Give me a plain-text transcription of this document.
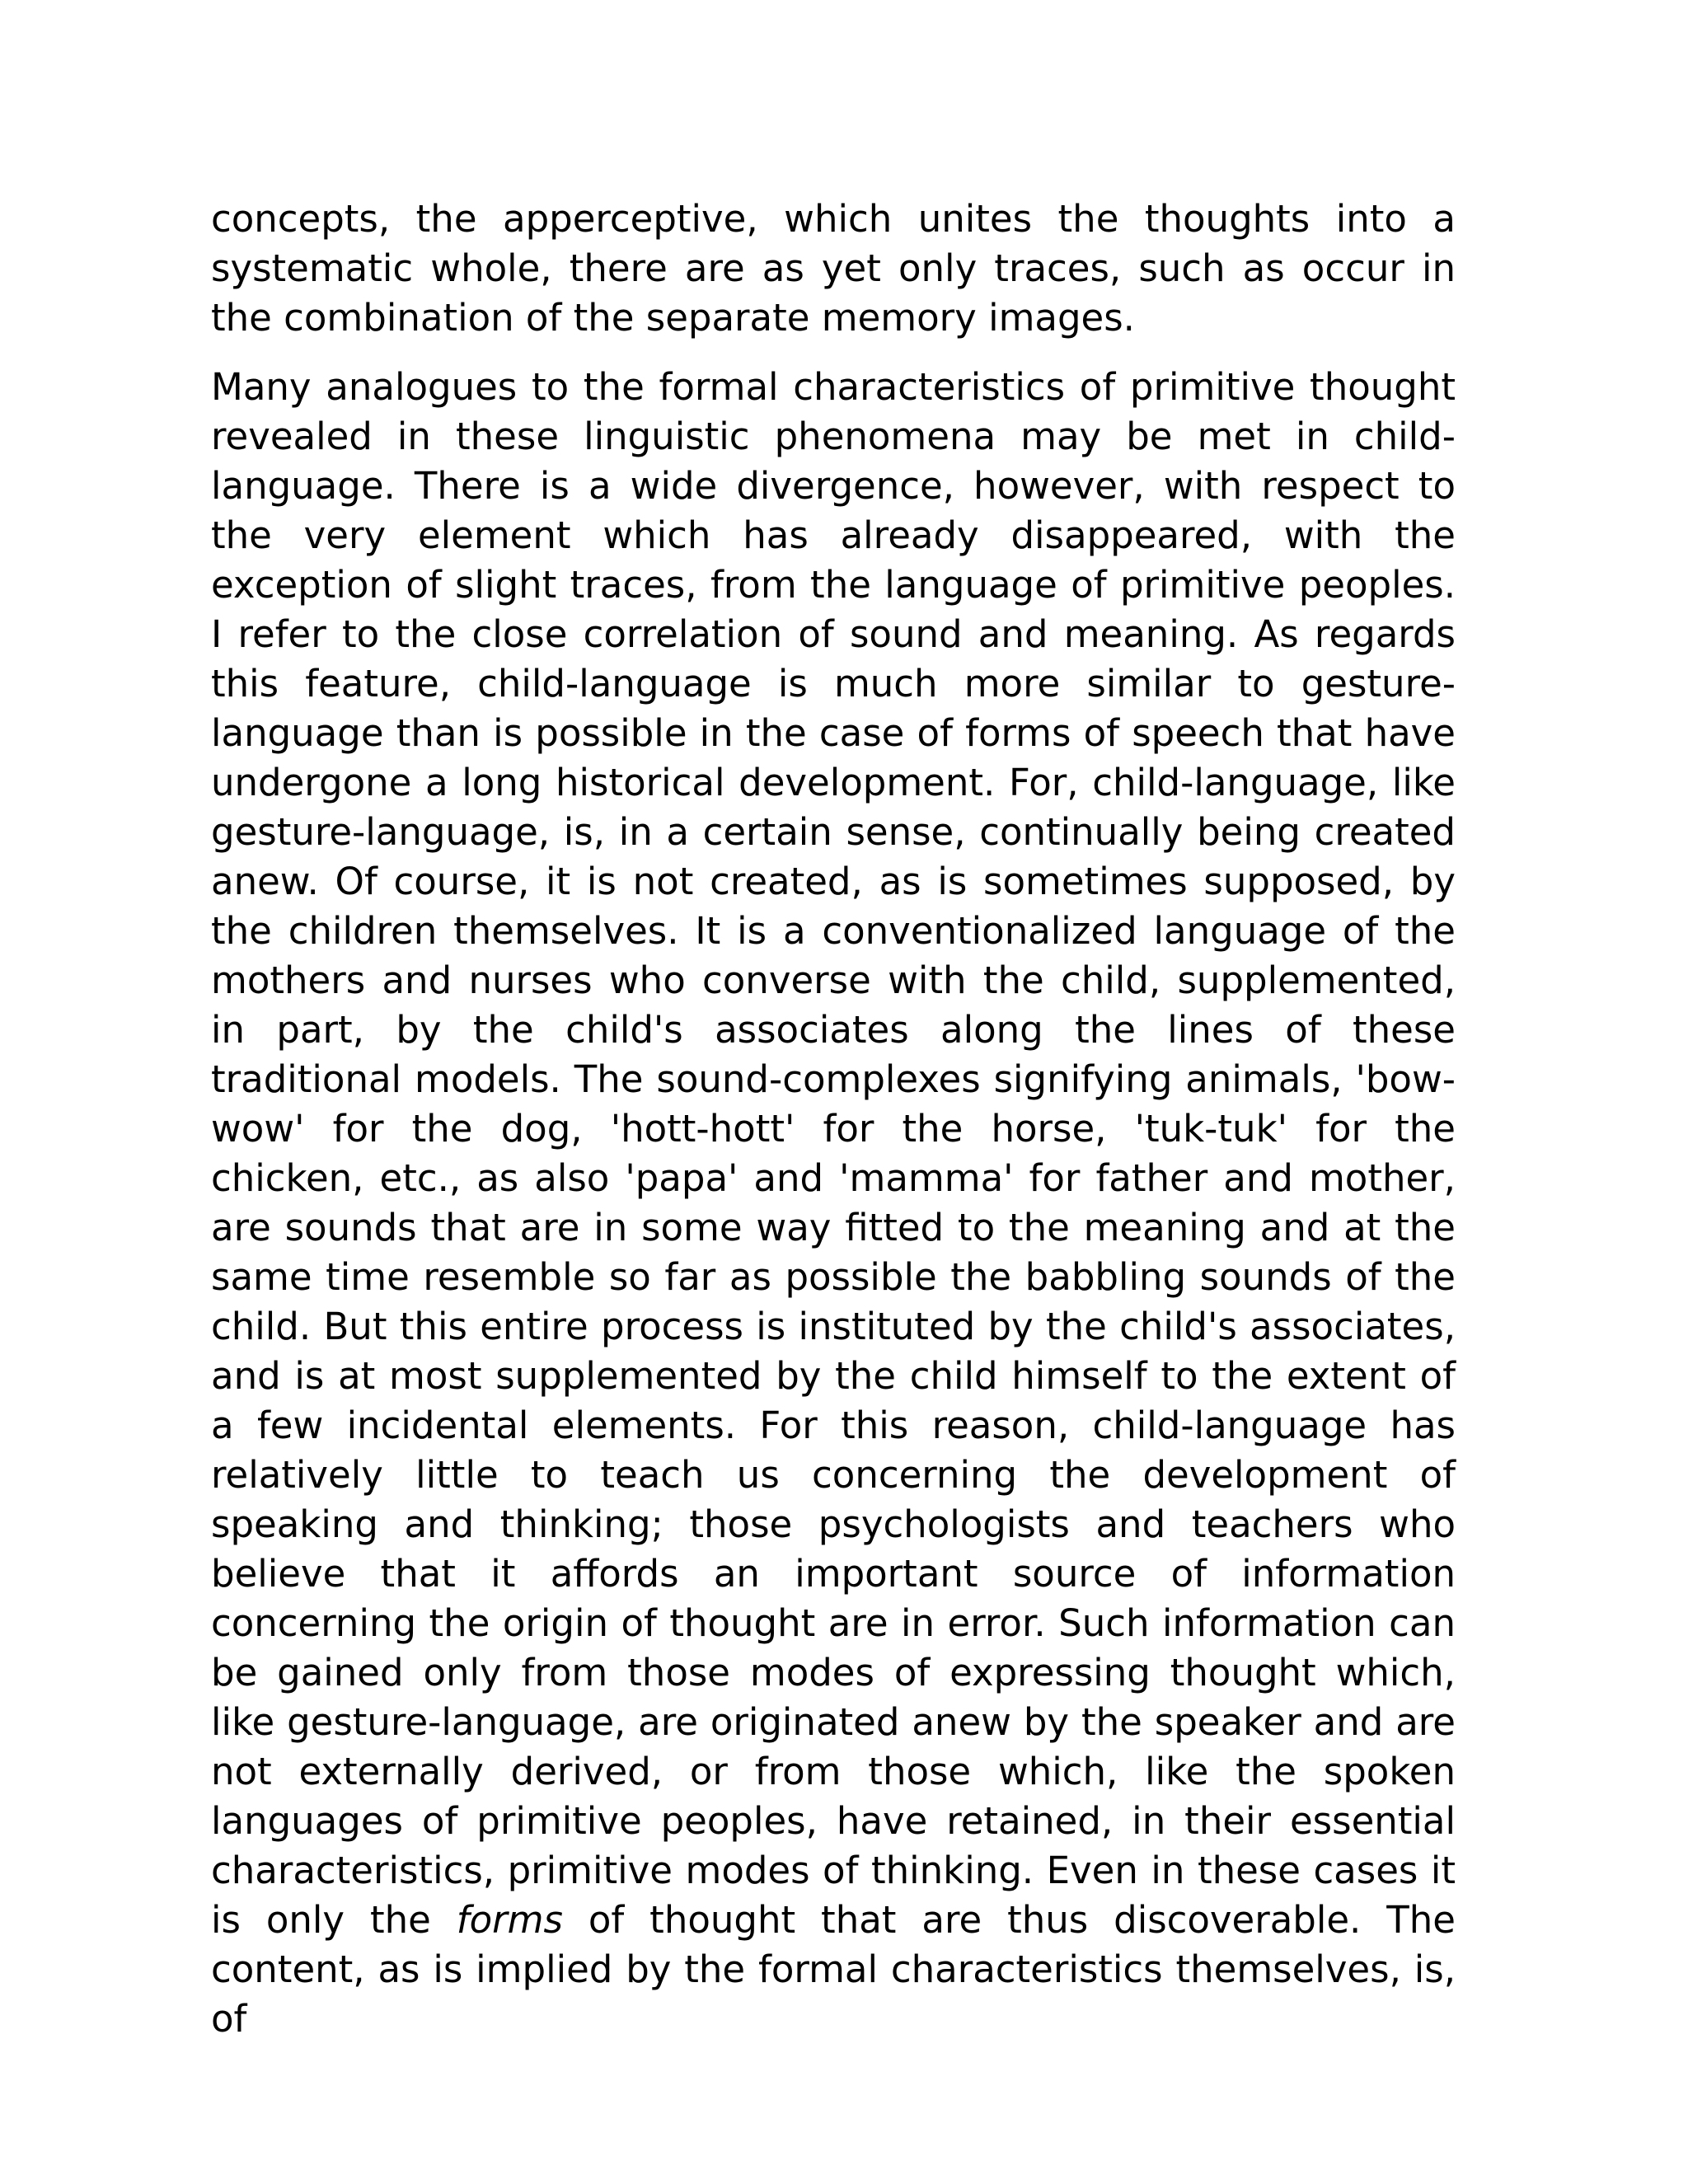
concepts, the apperceptive, which unites the thoughts into a systematic whole, there are as yet only traces, such as occur in the combination of the separate memory images.

Many analogues to the formal characteristics of primitive thought revealed in these linguistic phenomena may be met in child-language. There is a wide divergence, however, with respect to the very element which has already disappeared, with the exception of slight traces, from the language of primitive peoples. I refer to the close correlation of sound and meaning. As regards this feature, child-language is much more similar to gesture-language than is possible in the case of forms of speech that have undergone a long historical development. For, child-language, like gesture-language, is, in a certain sense, continually being created anew. Of course, it is not created, as is sometimes supposed, by the children themselves. It is a conventionalized language of the mothers and nurses who converse with the child, supplemented, in part, by the child's associates along the lines of these traditional models. The sound-complexes signifying animals, 'bow-wow' for the dog, 'hott-hott' for the horse, 'tuk-tuk' for the chicken, etc., as also 'papa' and 'mamma' for father and mother, are sounds that are in some way fitted to the meaning and at the same time resemble so far as possible the babbling sounds of the child. But this entire process is instituted by the child's associates, and is at most supplemented by the child himself to the extent of a few incidental elements. For this reason, child-language has relatively little to teach us concerning the development of speaking and thinking; those psychologists and teachers who believe that it affords an important source of information concerning the origin of thought are in error. Such information can be gained only from those modes of expressing thought which, like gesture-language, are originated anew by the speaker and are not externally derived, or from those which, like the spoken languages of primitive peoples, have retained, in their essential characteristics, primitive modes of thinking. Even in these cases it is only the forms of thought that are thus discoverable. The content, as is implied by the formal characteristics themselves, is, of
